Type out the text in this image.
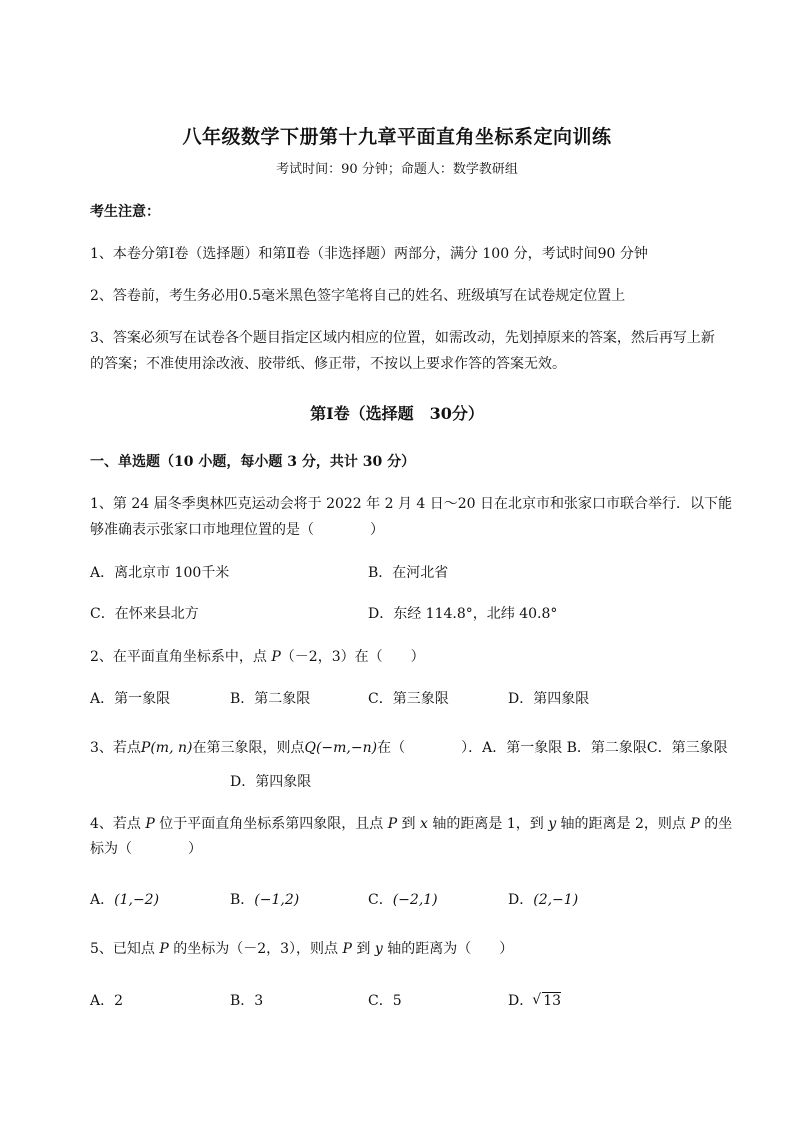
八年级数学下册第十九章平面直角坐标系定向训练
考试时间：90 分钟；命题人：数学教研组
考生注意：
1、本卷分第Ⅰ卷（选择题）和第Ⅱ卷（非选择题）两部分，满分 100 分，考试时间90 分钟
2、答卷前，考生务必用0.5毫米黑色签字笔将自己的姓名、班级填写在试卷规定位置上
3、答案必须写在试卷各个题目指定区域内相应的位置，如需改动，先划掉原来的答案，然后再写上新
的答案；不准使用涂改液、胶带纸、修正带，不按以上要求作答的答案无效。
第Ⅰ卷（选择题　30分）
一、单选题（10 小题，每小题 3 分，共计 30 分）
1、第 24 届冬季奥林匹克运动会将于 2022 年 2 月 4 日～20 日在北京市和张家口市联合举行．以下能
够准确表示张家口市地理位置的是（　　　　）
A．离北京市 100千米	B．在河北省
C．在怀来县北方	D．东经 114.8°，北纬 40.8°
2、在平面直角坐标系中，点 P（－2，3）在（　　）
A．第一象限	B．第二象限	C．第三象限	D．第四象限
3、若点P(m, n)在第三象限，则点Q(−m,−n)在（　　　　）．A．第一象限 B．第二象限C．第三象限
D．第四象限
4、若点 P 位于平面直角坐标系第四象限，且点 P 到 x 轴的距离是 1，到 y 轴的距离是 2，则点 P 的坐
标为（　　　　）
A．(1,−2)	B．(−1,2)	C．(−2,1)	D．(2,−1)
5、已知点 P 的坐标为（－2，3），则点 P 到 y 轴的距离为（　　）
A．2	B．3	C．5	D．√ 13
